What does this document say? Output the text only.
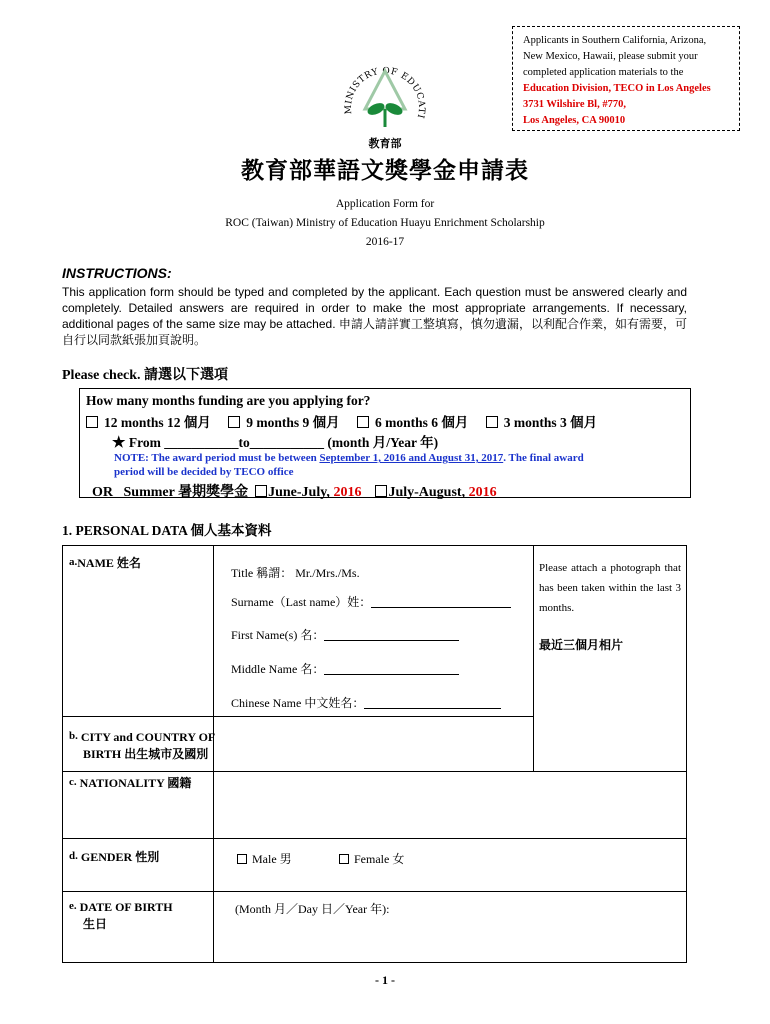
MINISTRY OF EDUCATI
教育部
Applicants in Southern California, Arizona,
New Mexico, Hawaii, please submit your
completed application materials to the
Education Division, TECO in Los Angeles
3731 Wilshire Bl, #770,
Los Angeles, CA 90010
教育部華語文獎學金申請表
Application Form for
ROC (Taiwan) Ministry of Education Huayu Enrichment Scholarship
2016-17
INSTRUCTIONS:
This application form should be typed and completed by the applicant. Each question must be answered clearly and completely. Detailed answers are required in order to make the most appropriate arrangements. If necessary, additional pages of the same size may be attached. 申請人請詳實工整填寫，慎勿遺漏，以利配合作業，如有需要，可自行以同款紙張加頁說明。
Please check. 請選以下選項
How many months funding are you applying for?
12 months 12 個月	9 months 9 個月	6 months 6 個月	3 months 3 個月
★ From ___________to___________ (month 月/Year 年)
NOTE: The award period must be between September 1, 2016 and August 31, 2017. The final award
period will be decided by TECO office
OR Summer 暑期獎學金 June-July, 2016 July-August, 2016
1. PERSONAL DATA 個人基本資料
a.NAME 姓名
Title 稱謂： Mr./Mrs./Ms.
Surname（Last name）姓：
First Name(s) 名：
Middle Name 名：
Chinese Name 中文姓名：
Please attach a photograph that has been taken within the last 3 months.
最近三個月相片
b. CITY and COUNTRY OF
BIRTH 出生城市及國別
c. NATIONALITY 國籍
d. GENDER 性別	Male 男	Female 女
e. DATE OF BIRTH
生日
(Month 月／Day 日／Year 年):
- 1 -
